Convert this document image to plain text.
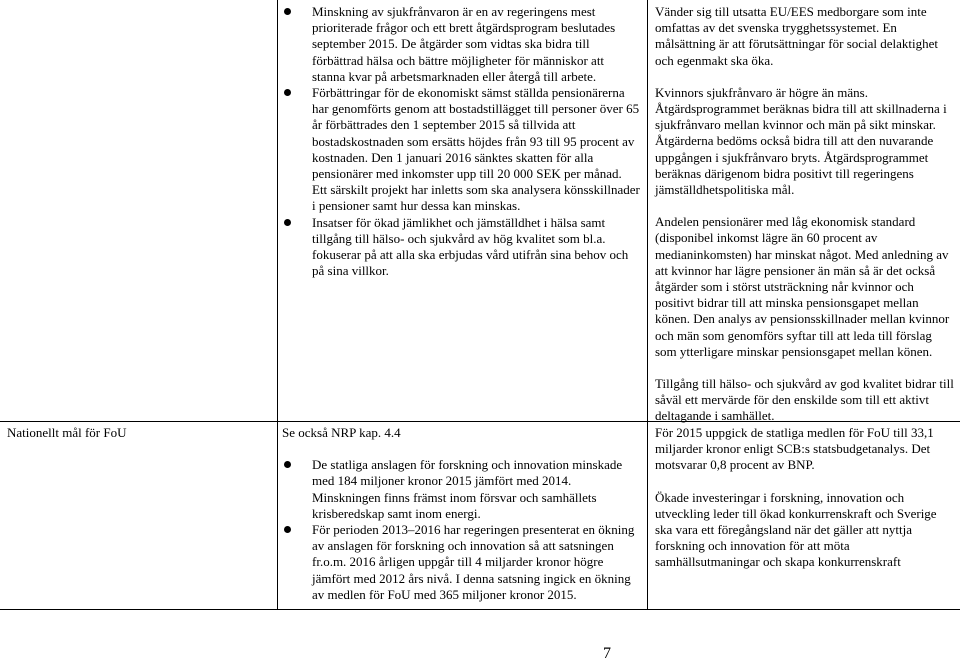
Minskning av sjukfrånvaron är en av regeringens mest prioriterade frågor och ett brett åtgärdsprogram beslutades september 2015. De åtgärder som vidtas ska bidra till förbättrad hälsa och bättre möjligheter för människor att stanna kvar på arbetsmarknaden eller återgå till arbete.
Förbättringar för de ekonomiskt sämst ställda pensionärerna har genomförts genom att bostadstillägget till personer över 65 år förbättrades den 1 september 2015 så tillvida att bostadskostnaden som ersätts höjdes från 93 till 95 procent av kostnaden. Den 1 januari 2016 sänktes skatten för alla pensionärer med inkomster upp till 20 000 SEK per månad. Ett särskilt projekt har inletts som ska analysera könsskillnader i pensioner samt hur dessa kan minskas.
Insatser för ökad jämlikhet och jämställdhet i hälsa samt tillgång till hälso- och sjukvård av hög kvalitet som bl.a. fokuserar på att alla ska erbjudas vård utifrån sina behov och på sina villkor.

Vänder sig till utsatta EU/EES medborgare som inte omfattas av det svenska trygghetssystemet. En målsättning är att förutsättningar för social delaktighet och egenmakt ska öka.

Kvinnors sjukfrånvaro är högre än mäns. Åtgärdsprogrammet beräknas bidra till att skillnaderna i sjukfrånvaro mellan kvinnor och män på sikt minskar. Åtgärderna bedöms också bidra till att den nuvarande uppgången i sjukfrånvaro bryts. Åtgärdsprogrammet beräknas därigenom bidra positivt till regeringens jämställdhetspolitiska mål.

Andelen pensionärer med låg ekonomisk standard (disponibel inkomst lägre än 60 procent av medianinkomsten) har minskat något. Med anledning av att kvinnor har lägre pensioner än män så är det också åtgärder som i störst utsträckning når kvinnor och positivt bidrar till att minska pensionsgapet mellan könen. Den analys av pensionsskillnader mellan kvinnor och män som genomförs syftar till att leda till förslag som ytterligare minskar pensionsgapet mellan könen.

Tillgång till hälso- och sjukvård av god kvalitet bidrar till såväl ett mervärde för den enskilde som till ett aktivt deltagande i samhället.

Nationellt mål för FoU	Se också NRP kap. 4.4

De statliga anslagen för forskning och innovation minskade med 184 miljoner kronor 2015 jämfört med 2014. Minskningen finns främst inom försvar och samhällets krisberedskap samt inom energi.
För perioden 2013–2016 har regeringen presenterat en ökning av anslagen för forskning och innovation så att satsningen fr.o.m. 2016 årligen uppgår till 4 miljarder kronor högre jämfört med 2012 års nivå. I denna satsning ingick en ökning av medlen för FoU med 365 miljoner kronor 2015.

För 2015 uppgick de statliga medlen för FoU till 33,1 miljarder kronor enligt SCB:s statsbudgetanalys. Det motsvarar 0,8 procent av BNP.

Ökade investeringar i forskning, innovation och utveckling leder till ökad konkurrenskraft och Sverige ska vara ett föregångsland när det gäller att nyttja forskning och innovation för att möta samhällsutmaningar och skapa konkurrenskraft

7
